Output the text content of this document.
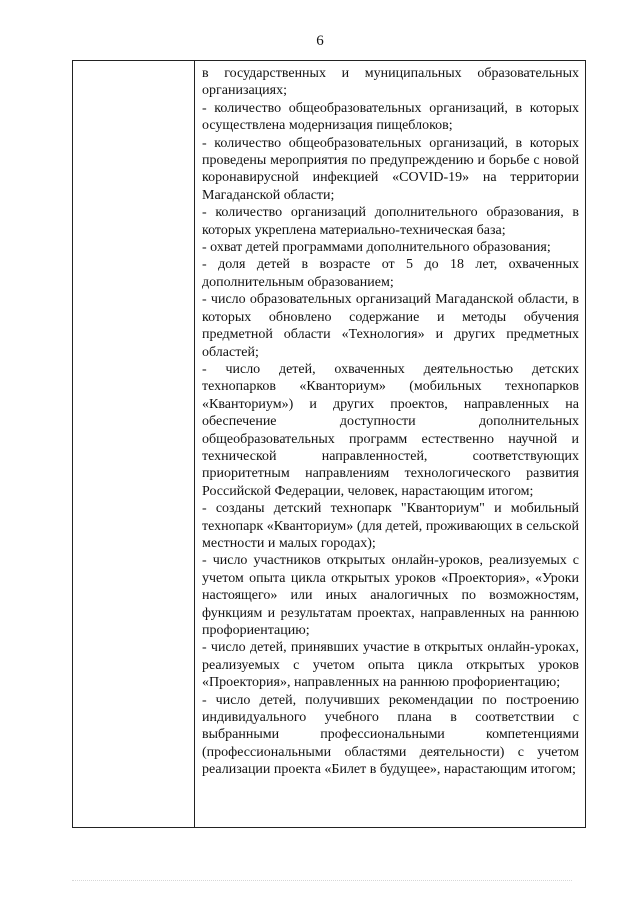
6

в государственных и муниципальных образовательных организациях;

- количество общеобразовательных организаций, в которых осуществлена модернизация пищеблоков;

- количество общеобразовательных организаций, в которых проведены мероприятия по предупреждению и борьбе с новой коронавирусной инфекцией «COVID-19» на территории Магаданской области;

- количество организаций дополнительного образования, в которых укреплена материально-техническая база;

- охват детей программами дополнительного образования;

- доля детей в возрасте от 5 до 18 лет, охваченных дополнительным образованием;

- число образовательных организаций Магаданской области, в которых обновлено содержание и методы обучения предметной области «Технология» и других предметных областей;

- число детей, охваченных деятельностью детских технопарков «Кванториум» (мобильных технопарков «Кванториум») и других проектов, направленных на обеспечение доступности дополнительных общеобразовательных программ естественно научной и технической направленностей, соответствующих приоритетным направлениям технологического развития Российской Федерации, человек, нарастающим итогом;

- созданы детский технопарк "Кванториум" и мобильный технопарк «Кванториум» (для детей, проживающих в сельской местности и малых городах);

- число участников открытых онлайн-уроков, реализуемых с учетом опыта цикла открытых уроков «Проектория», «Уроки настоящего» или иных аналогичных по возможностям, функциям и результатам проектах, направленных на раннюю профориентацию;

- число детей, принявших участие в открытых онлайн-уроках, реализуемых с учетом опыта цикла открытых уроков «Проектория», направленных на раннюю профориентацию;

- число детей, получивших рекомендации по построению индивидуального учебного плана в соответствии с выбранными профессиональными компетенциями (профессиональными областями деятельности) с учетом реализации проекта «Билет в будущее», нарастающим итогом;
